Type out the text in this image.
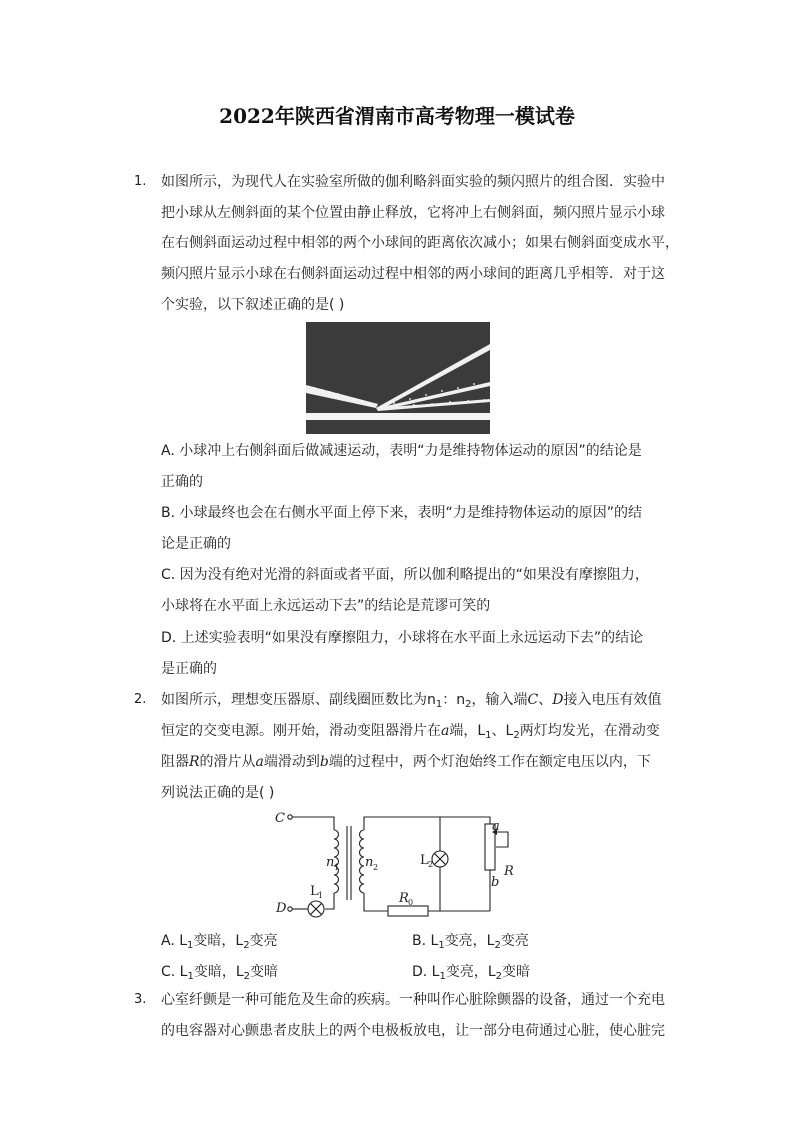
2022年陕西省渭南市高考物理一模试卷
1. 如图所示，为现代人在实验室所做的伽利略斜面实验的频闪照片的组合图．实验中
把小球从左侧斜面的某个位置由静止释放，它将冲上右侧斜面，频闪照片显示小球
在右侧斜面运动过程中相邻的两个小球间的距离依次减小；如果右侧斜面变成水平，
频闪照片显示小球在右侧斜面运动过程中相邻的两小球间的距离几乎相等．对于这
个实验，以下叙述正确的是( )
A. 小球冲上右侧斜面后做减速运动，表明“力是维持物体运动的原因”的结论是
正确的
B. 小球最终也会在右侧水平面上停下来，表明“力是维持物体运动的原因”的结
论是正确的
C. 因为没有绝对光滑的斜面或者平面，所以伽利略提出的“如果没有摩擦阻力，
小球将在水平面上永远运动下去”的结论是荒谬可笑的
D. 上述实验表明“如果没有摩擦阻力，小球将在水平面上永远运动下去”的结论
是正确的
2. 如图所示，理想变压器原、副线圈匝数比为$n_1$：$n_2$，输入端C、D接入电压有效值
恒定的交变电源。刚开始，滑动变阻器滑片在a端，$L_1$、$L_2$两灯均发光，在滑动变
阻器R的滑片从a端滑动到b端的过程中，两个灯泡始终工作在额定电压以内，下
列说法正确的是( )
C
D
n 1 n 2
L 1
L 2
R 0
a
b
R
A. $L_1$变暗，$L_2$变亮	B. $L_1$变亮，$L_2$变亮
C. $L_1$变暗，$L_2$变暗	D. $L_1$变亮，$L_2$变暗
3. 心室纤颤是一种可能危及生命的疾病。一种叫作心脏除颤器的设备，通过一个充电
的电容器对心颤患者皮肤上的两个电极板放电，让一部分电荷通过心脏，使心脏完
